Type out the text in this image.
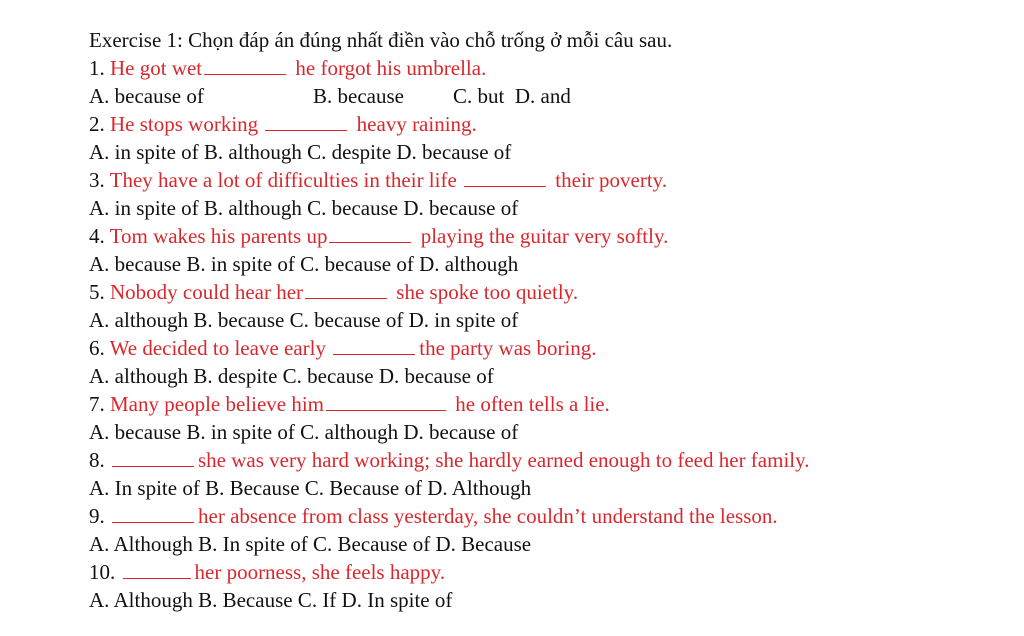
Exercise 1: Chọn đáp án đúng nhất điền vào chỗ trống ở mỗi câu sau.
1. He got wet	he forgot his umbrella.
A. because of	B. because C. but  D. and
2. He stops working	heavy raining.
A. in spite of B. although C. despite D. because of
3. They have a lot of difficulties in their life	their poverty.
A. in spite of B. although C. because D. because of
4. Tom wakes his parents up	playing the guitar very softly.
A. because B. in spite of C. because of D. although
5. Nobody could hear her	she spoke too quietly.
A. although B. because C. because of D. in spite of
6. We decided to leave early	the party was boring.
A. although B. despite C. because D. because of
7. Many people believe him	he often tells a lie.
A. because B. in spite of C. although D. because of
8.	she was very hard working; she hardly earned enough to feed her family.
A. In spite of B. Because C. Because of D. Although
9.	her absence from class yesterday, she couldn’t understand the lesson.
A. Although B. In spite of C. Because of D. Because
10.	her poorness, she feels happy.
A. Although B. Because C. If D. In spite of
